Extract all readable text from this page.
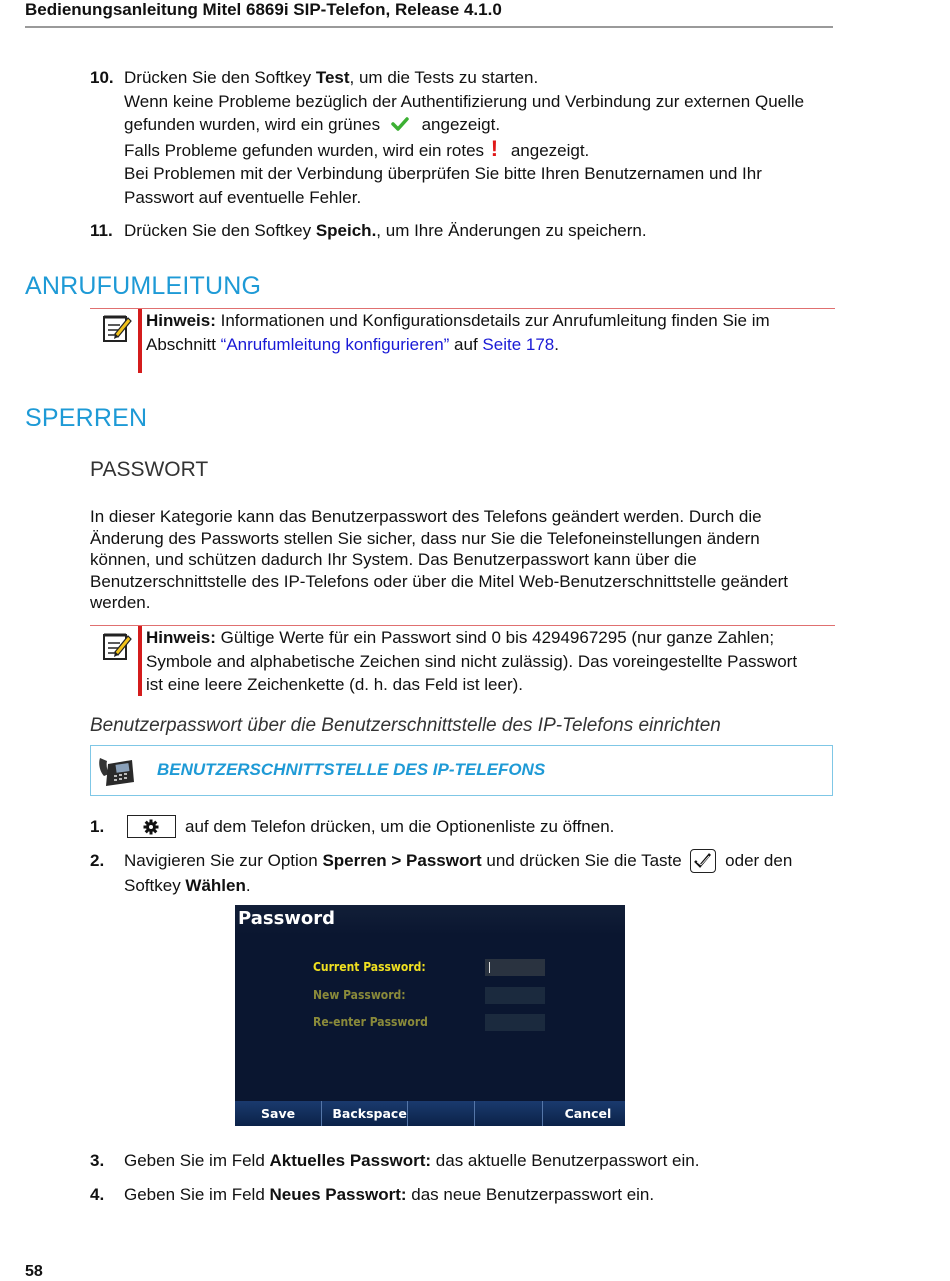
Bedienungsanleitung Mitel 6869i SIP-Telefon, Release 4.1.0
10. Drücken Sie den Softkey Test, um die Tests zu starten.
Wenn keine Probleme bezüglich der Authentifizierung und Verbindung zur externen Quelle
gefunden wurden, wird ein grünes angezeigt.
Falls Probleme gefunden wurden, wird ein rotes ! angezeigt.
Bei Problemen mit der Verbindung überprüfen Sie bitte Ihren Benutzernamen und Ihr
Passwort auf eventuelle Fehler.
11. Drücken Sie den Softkey Speich., um Ihre Änderungen zu speichern.
ANRUFUMLEITUNG
Hinweis: Informationen und Konfigurationsdetails zur Anrufumleitung finden Sie im
Abschnitt “Anrufumleitung konfigurieren” auf Seite 178.
SPERREN
PASSWORT
In dieser Kategorie kann das Benutzerpasswort des Telefons geändert werden. Durch die
Änderung des Passworts stellen Sie sicher, dass nur Sie die Telefoneinstellungen ändern
können, und schützen dadurch Ihr System. Das Benutzerpasswort kann über die
Benutzerschnittstelle des IP-Telefons oder über die Mitel Web-Benutzerschnittstelle geändert
werden.
Hinweis: Gültige Werte für ein Passwort sind 0 bis 4294967295 (nur ganze Zahlen;
Symbole and alphabetische Zeichen sind nicht zulässig). Das voreingestellte Passwort
ist eine leere Zeichenkette (d. h. das Feld ist leer).
Benutzerpasswort über die Benutzerschnittstelle des IP-Telefons einrichten
BENUTZERSCHNITTSTELLE DES IP-TELEFONS
1.	auf dem Telefon drücken, um die Optionenliste zu öffnen.
2. Navigieren Sie zur Option Sperren > Passwort und drücken Sie die Taste	oder den
Softkey Wählen.
Password
Current Password:
New Password:
Re-enter Password
Save	Backspace	Cancel
3. Geben Sie im Feld Aktuelles Passwort: das aktuelle Benutzerpasswort ein.
4. Geben Sie im Feld Neues Passwort: das neue Benutzerpasswort ein.
58
